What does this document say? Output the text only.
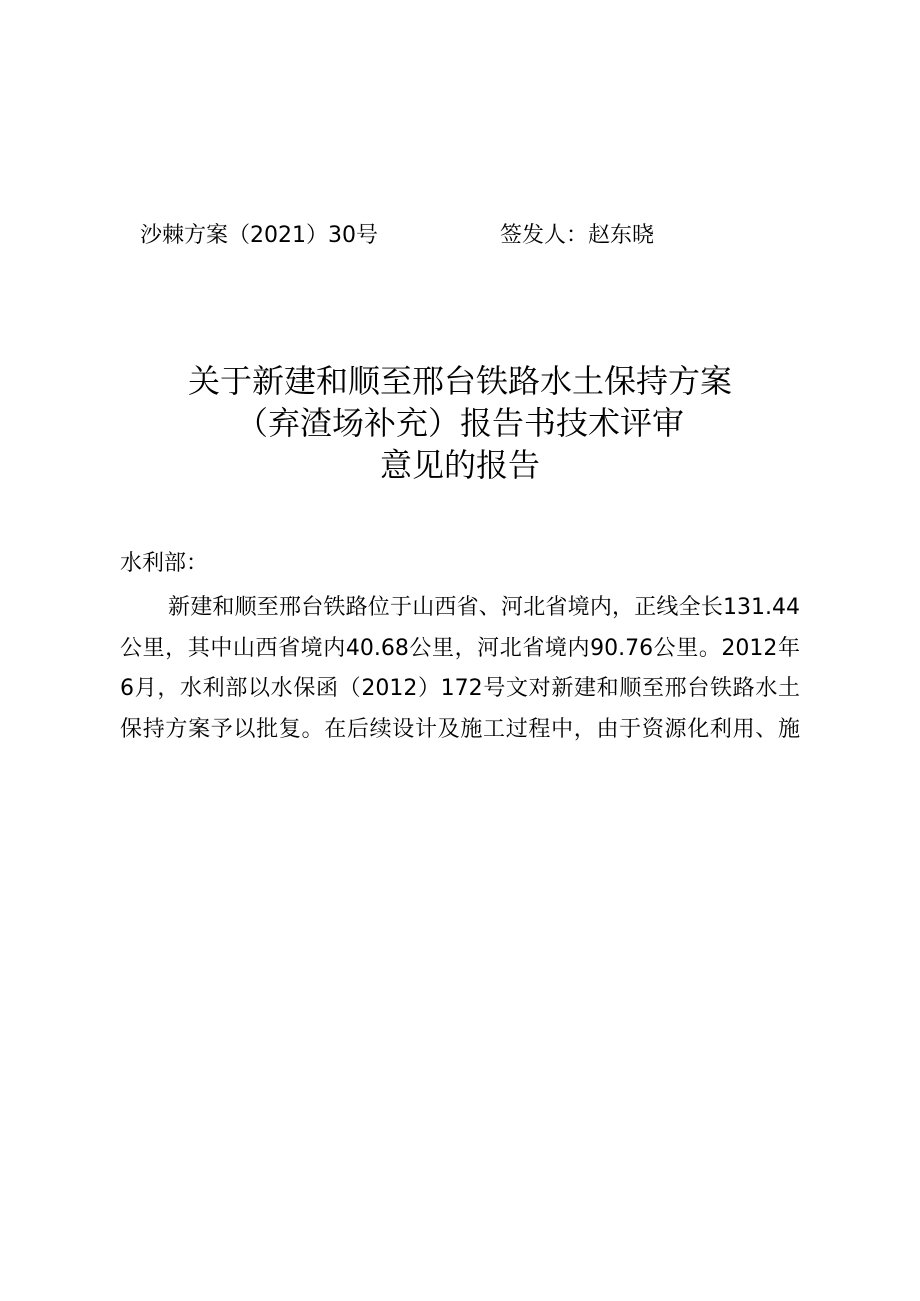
沙棘方案（2021）30号	签发人：赵东晓
关于新建和顺至邢台铁路水土保持方案
（弃渣场补充）报告书技术评审
意见的报告
水利部：
新建和顺至邢台铁路位于山西省、河北省境内，正线全长131.44
公里，其中山西省境内40.68公里，河北省境内90.76公里。2012年
6月，水利部以水保函（2012）172号文对新建和顺至邢台铁路水土
保持方案予以批复。在后续设计及施工过程中，由于资源化利用、施
